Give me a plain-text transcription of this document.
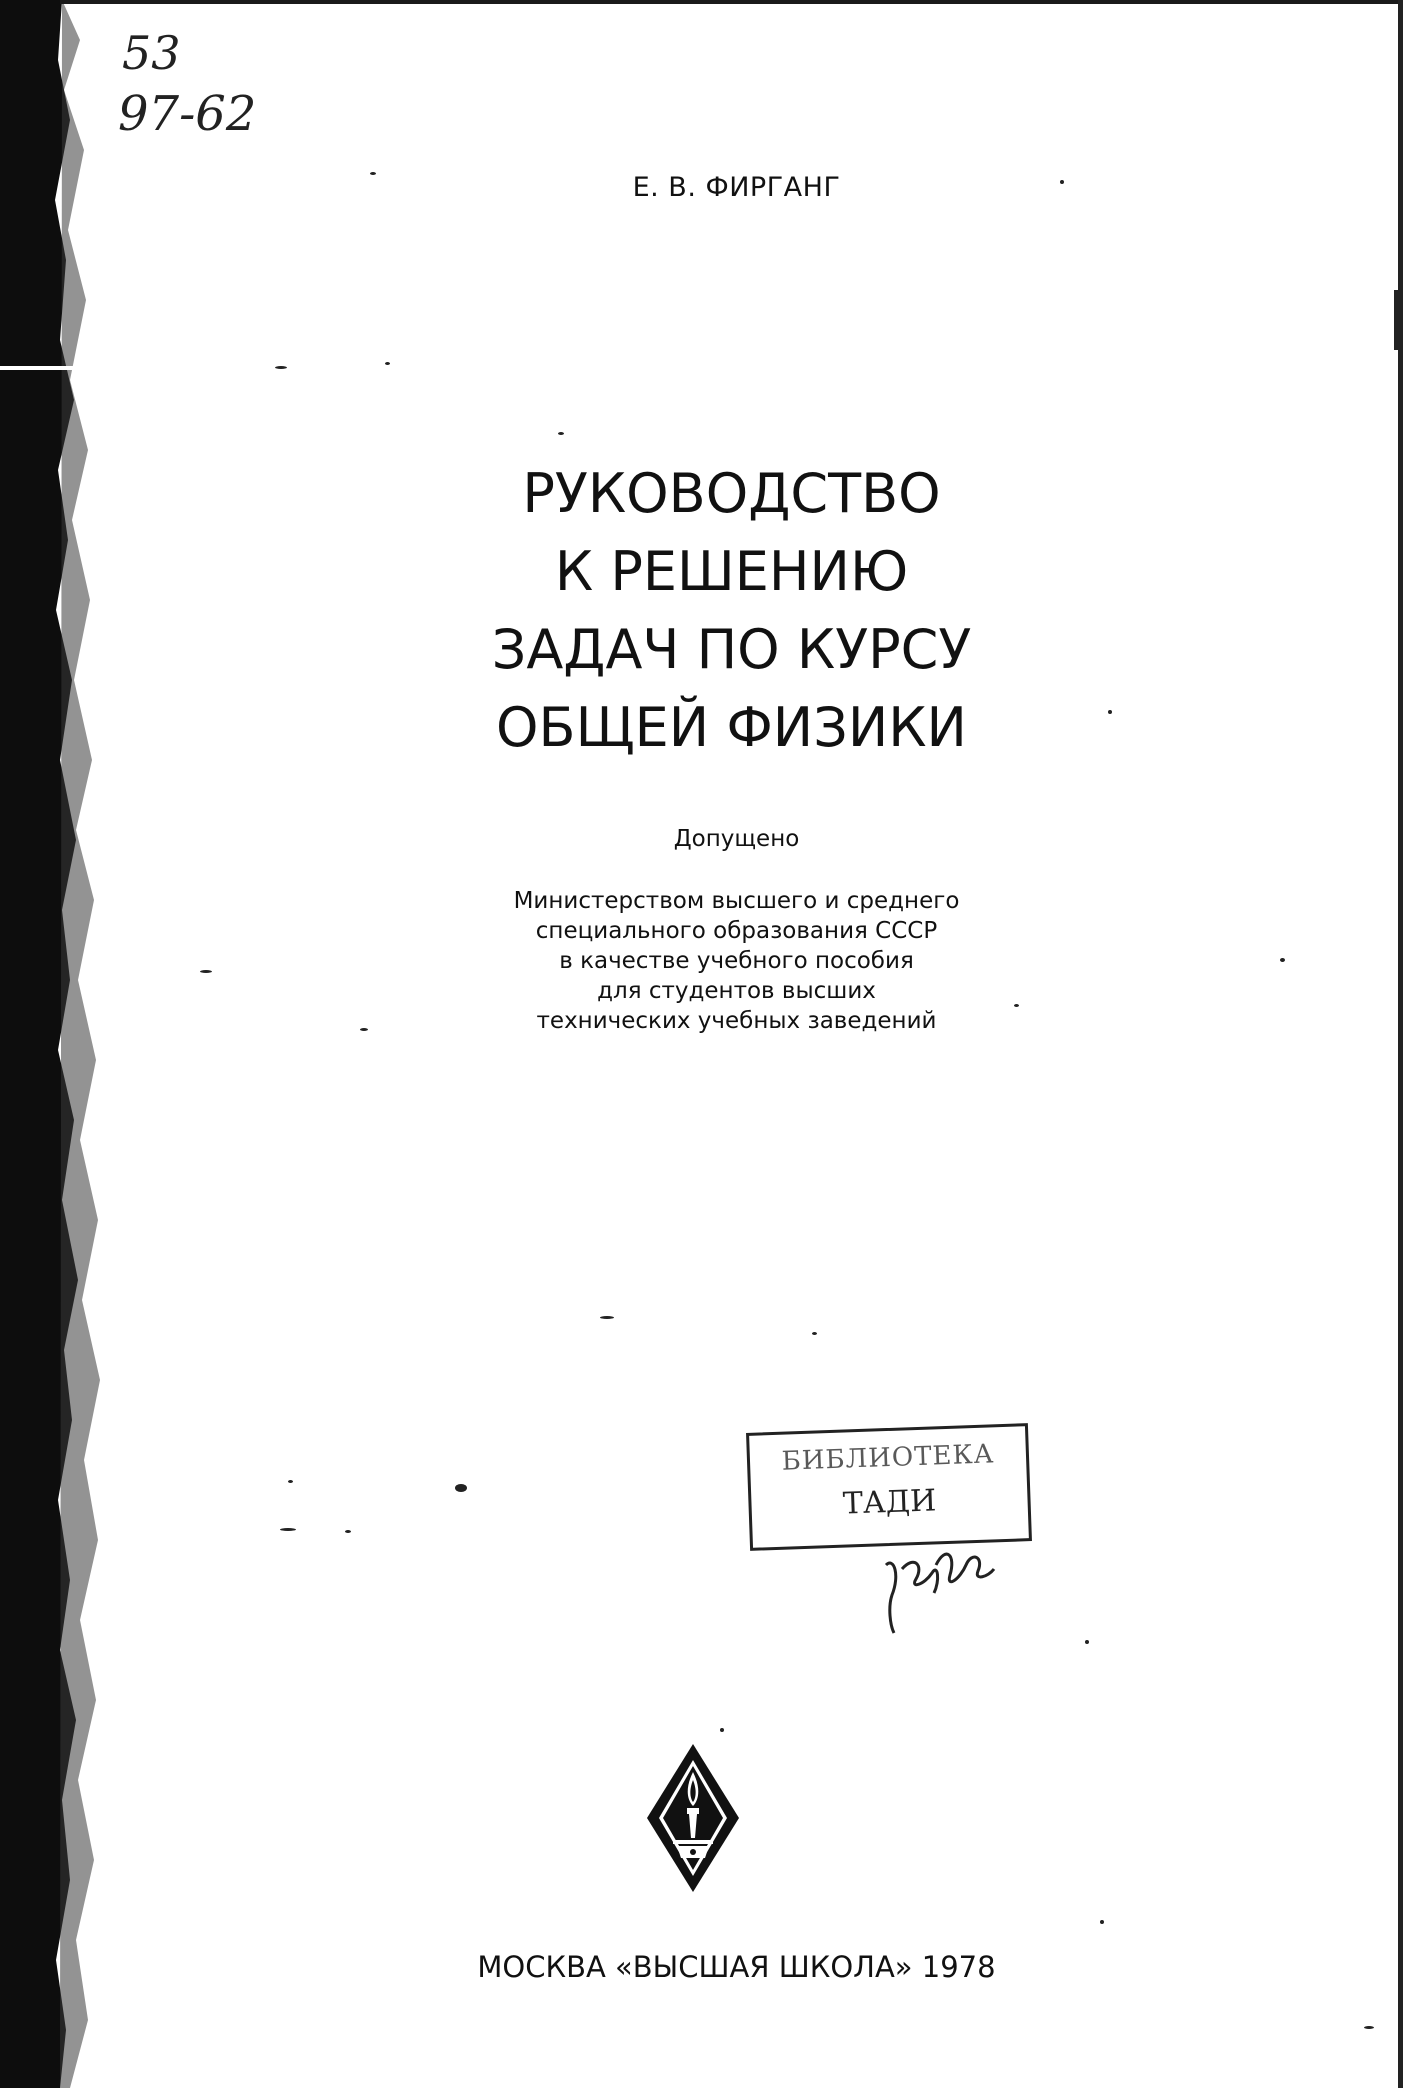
53
97-62
Е. В. ФИРГАНГ
РУКОВОДСТВО
К РЕШЕНИЮ
ЗАДАЧ ПО КУРСУ
ОБЩЕЙ ФИЗИКИ
Допущено
Министерством высшего и среднего
специального образования СССР
в качестве учебного пособия
для студентов высших
технических учебных заведений
БИБЛИОТЕКА
ТАДИ
МОСКВА «ВЫСШАЯ ШКОЛА» 1978
